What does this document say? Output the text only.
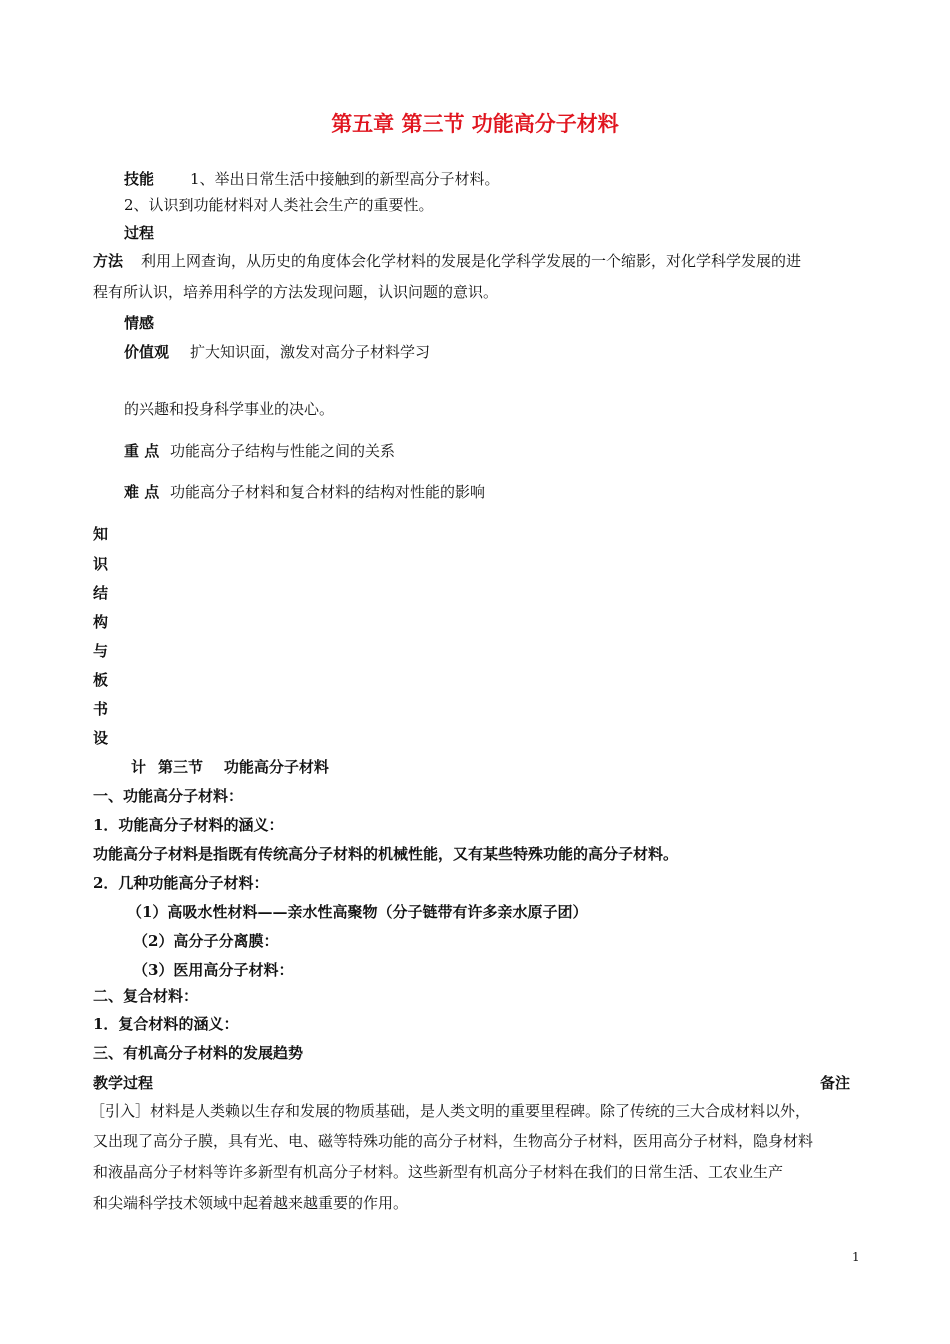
第五章 第三节 功能高分子材料
技能 1、举出日常生活中接触到的新型高分子材料。
2、认识到功能材料对人类社会生产的重要性。
过程
方法 利用上网查询，从历史的角度体会化学材料的发展是化学科学发展的一个缩影，对化学科学发展的进
程有所认识，培养用科学的方法发现问题，认识问题的意识。
情感
价值观 扩大知识面，激发对高分子材料学习
的兴趣和投身科学事业的决心。
重 点 功能高分子结构与性能之间的关系
难 点 功能高分子材料和复合材料的结构对性能的影响
知
识
结
构
与
板
书
设
计 第三节    功能高分子材料
一、功能高分子材料：
1．功能高分子材料的涵义：
功能高分子材料是指既有传统高分子材料的机械性能，又有某些特殊功能的高分子材料。
2．几种功能高分子材料：
（1）高吸水性材料——亲水性高聚物（分子链带有许多亲水原子团）
（2）高分子分离膜：
（3）医用高分子材料：
二、复合材料：
1．复合材料的涵义：
三、有机高分子材料的发展趋势
教学过程	备注
［引入］材料是人类赖以生存和发展的物质基础，是人类文明的重要里程碑。除了传统的三大合成材料以外，
又出现了高分子膜，具有光、电、磁等特殊功能的高分子材料，生物高分子材料，医用高分子材料，隐身材料
和液晶高分子材料等许多新型有机高分子材料。这些新型有机高分子材料在我们的日常生活、工农业生产
和尖端科学技术领域中起着越来越重要的作用。
1
